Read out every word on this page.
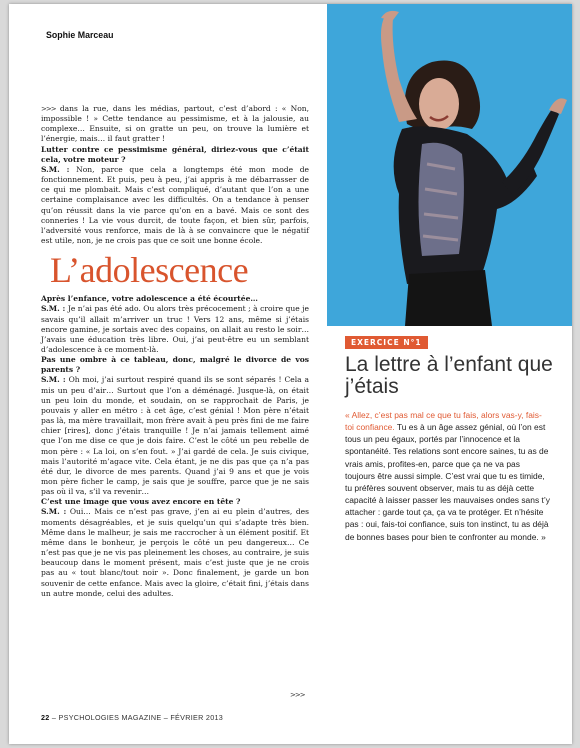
Sophie Marceau

>>> dans la rue, dans les médias, partout, c’est d’abord : « Non, impossible ! » Cette tendance au pessimisme, et à la jalousie, au complexe… Ensuite, si on gratte un peu, on trouve la lumière et l’énergie, mais… il faut gratter !

Lutter contre ce pessimisme général, diriez-vous que c’était cela, votre moteur ?

S.M. : Non, parce que cela a longtemps été mon mode de fonctionnement. Et puis, peu à peu, j’ai appris à me débarrasser de ce qui me plombait. Mais c’est compliqué, d’autant que l’on a une certaine complaisance avec les difficultés. On a tendance à penser qu’on réussit dans la vie parce qu’on en a bavé. Mais ce sont des conneries ! La vie vous durcit, de toute façon, et bien sûr, parfois, l’adversité vous renforce, mais de là à se convaincre que le négatif est utile, non, je ne crois pas que ce soit une bonne école.

L’adolescence

Après l’enfance, votre adolescence a été écourtée…

S.M. : Je n’ai pas été ado. Ou alors très précocement ; à croire que je savais qu’il allait m’arriver un truc ! Vers 12 ans, même si j’étais encore gamine, je sortais avec des copains, on allait au resto le soir… J’avais une éducation très libre. Oui, j’ai peut-être eu un semblant d’adolescence à ce moment-là.

Pas une ombre à ce tableau, donc, malgré le divorce de vos parents ?

S.M. : Oh moi, j’ai surtout respiré quand ils se sont séparés ! Cela a mis un peu d’air… Surtout que l’on a déménagé. Jusque-là, on était un peu loin du monde, et soudain, on se rapprochait de Paris, je pouvais y aller en métro : à cet âge, c’est génial ! Mon père n’était pas là, ma mère travaillait, mon frère avait à peu près fini de me faire chier [rires], donc j’étais tranquille ! Je n’ai jamais tellement aimé que l’on me dise ce que je dois faire. C’est le côté un peu rebelle de mon père : « La loi, on s’en fout. » J’ai gardé de cela. Je suis civique, mais l’autorité m’agace vite. Cela étant, je ne dis pas que ça n’a pas été dur, le divorce de mes parents. Quand j’ai 9 ans et que je vois mon père ficher le camp, je sais que je souffre, parce que je ne sais pas où il va, s’il va revenir…

C’est une image que vous avez encore en tête ?

S.M. : Oui… Mais ce n’est pas grave, j’en ai eu plein d’autres, des moments désagréables, et je suis quelqu’un qui s’adapte très bien. Même dans le malheur, je sais me raccrocher à un élément positif. Et même dans le bonheur, je perçois le côté un peu dangereux… Ce n’est pas que je ne vis pas pleinement les choses, au contraire, je suis beaucoup dans le moment présent, mais c’est juste que je ne crois pas au « tout blanc/tout noir ». Donc finalement, je garde un bon souvenir de cette enfance. Mais avec la gloire, c’était fini, j’étais dans un autre monde, celui des adultes.

EXERCICE N°1
La lettre à l’enfant que j’étais
« Allez, c’est pas mal ce que tu fais, alors vas-y, fais-toi confiance. Tu es à un âge assez génial, où l’on est tous un peu égaux, portés par l’innocence et la spontanéité. Tes relations sont encore saines, tu as de vrais amis, profites-en, parce que ça ne va pas toujours être aussi simple. C’est vrai que tu es timide, tu préfères souvent observer, mais tu as déjà cette capacité à laisser passer les mauvaises ondes sans t’y attacher : garde tout ça, ça va te protéger. Et n’hésite pas : oui, fais-toi confiance, suis ton instinct, tu as déjà de bonnes bases pour bien te confronter au monde. »
>>>
22 – PSYCHOLOGIES MAGAZINE – FÉVRIER 2013
